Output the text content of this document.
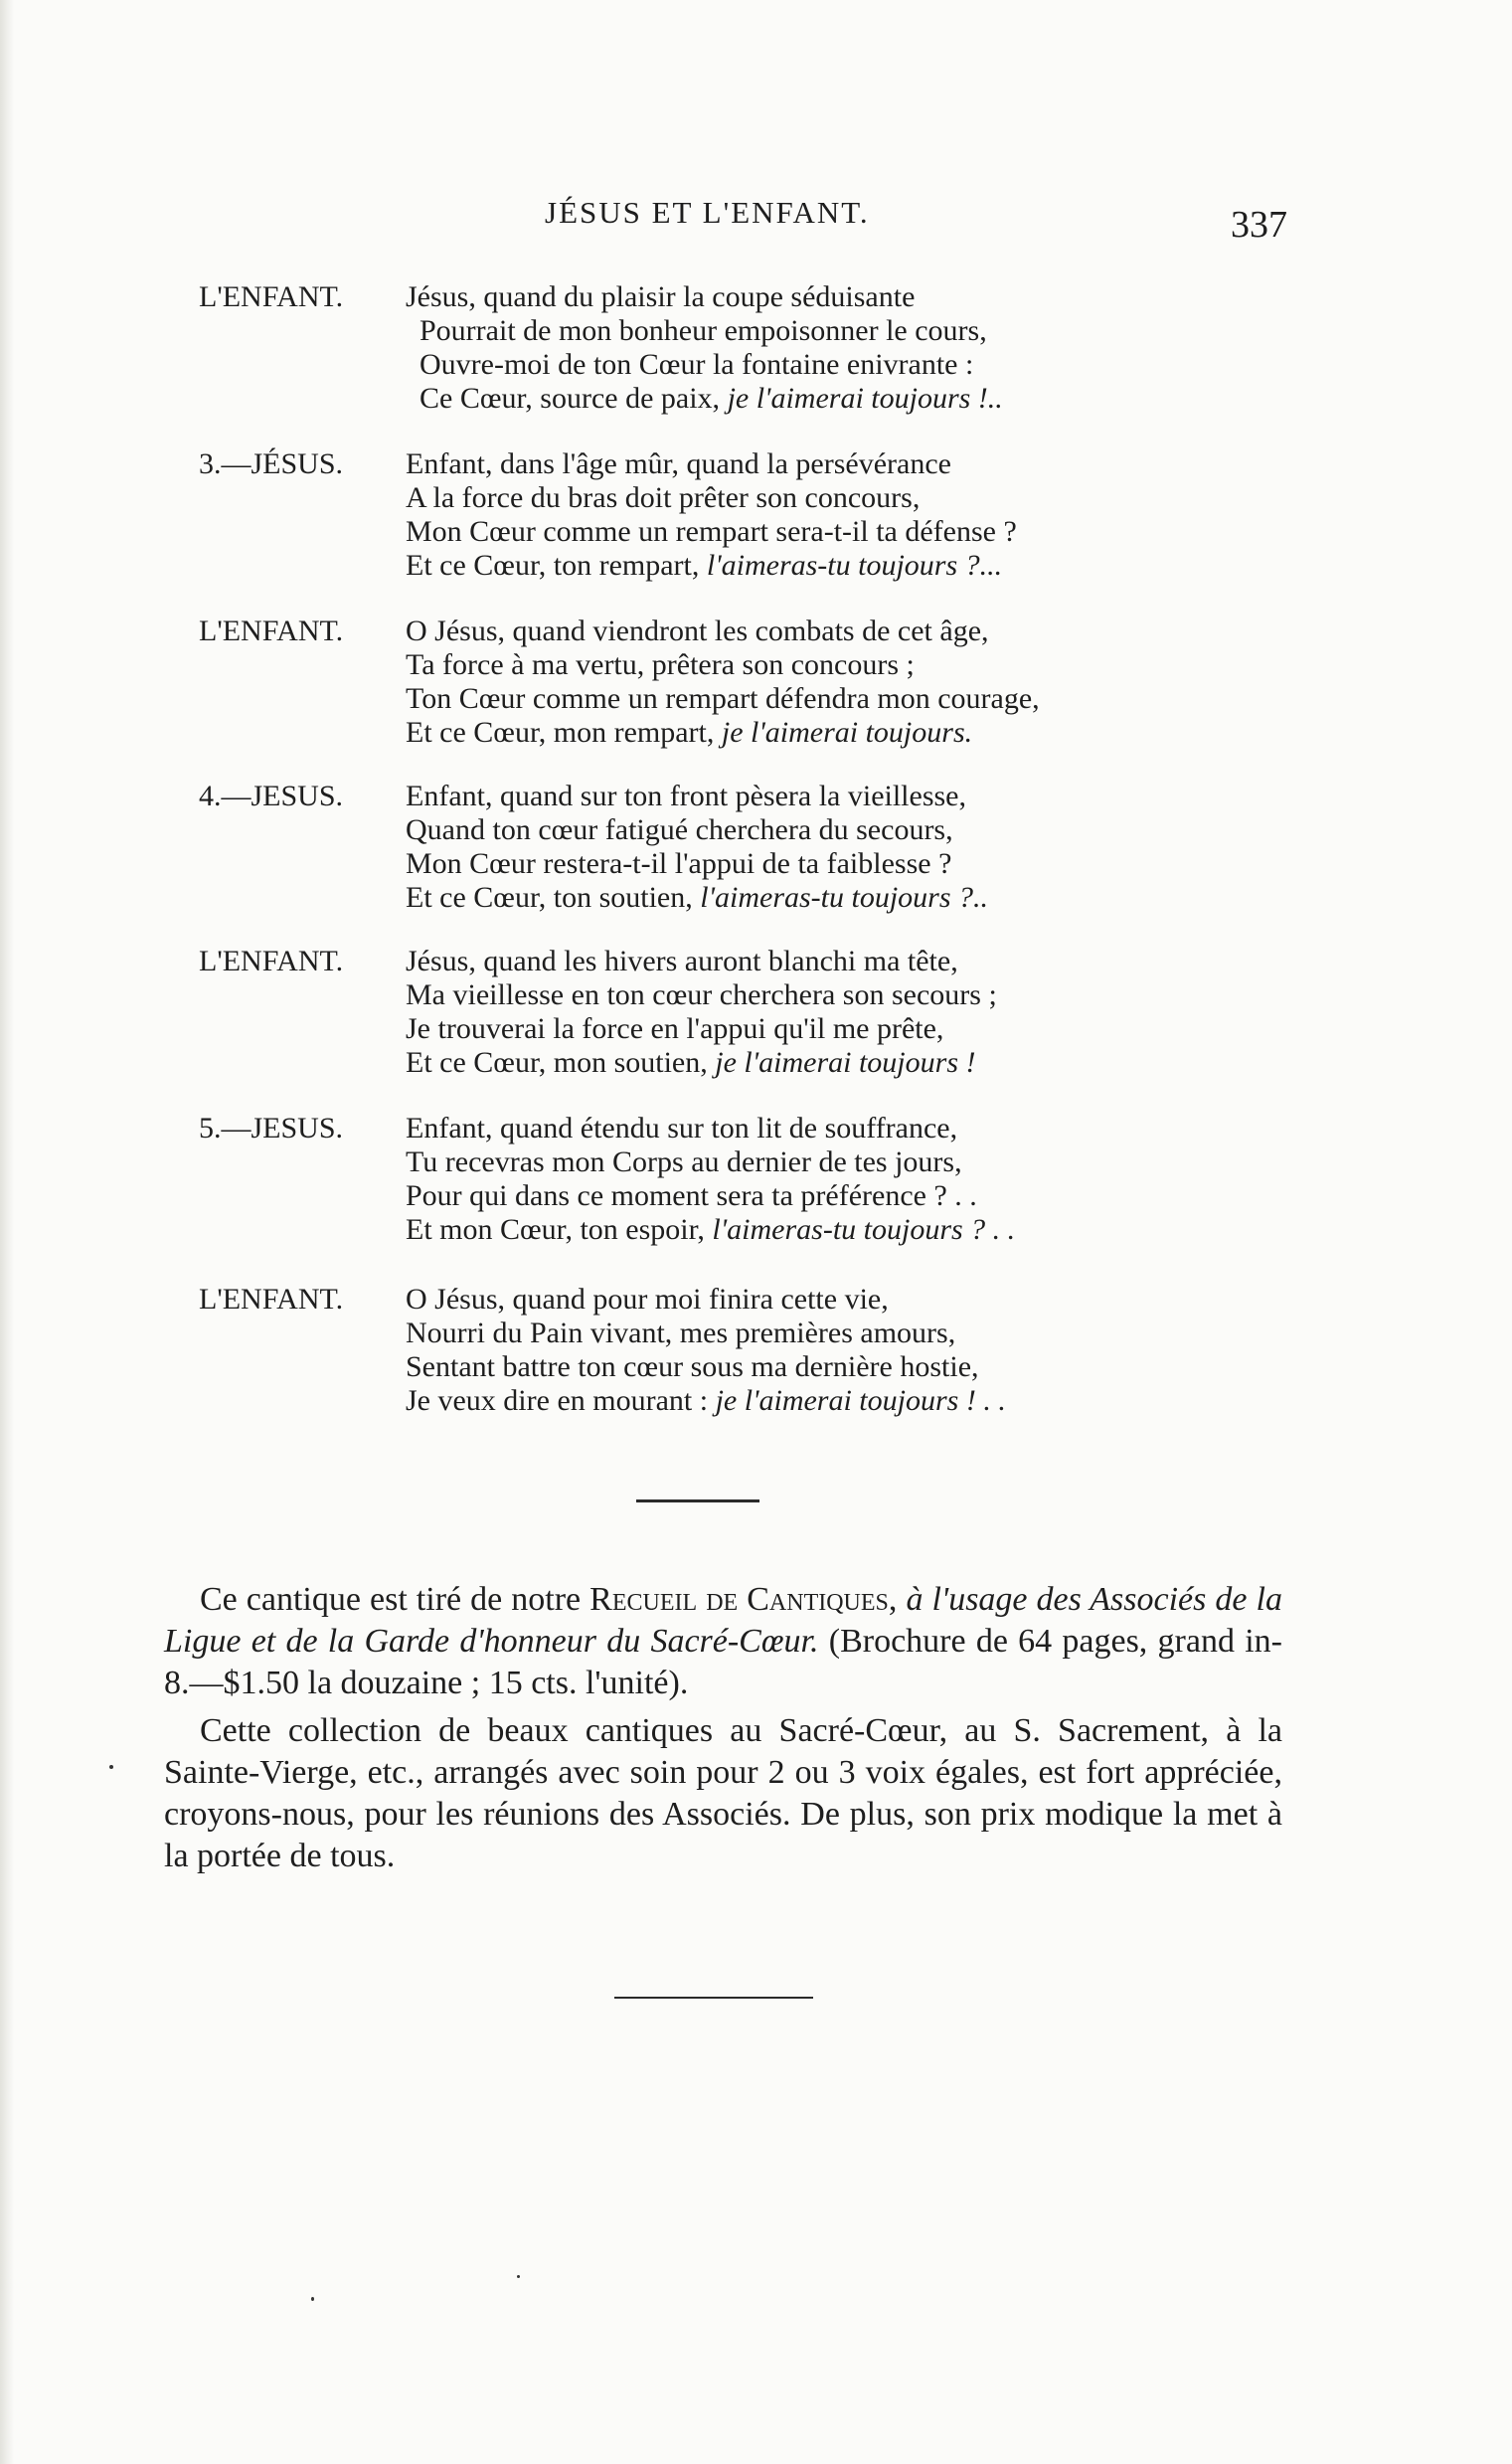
JÉSUS ET L'ENFANT.	337
L'ENFANT.	Jésus, quand du plaisir la coupe séduisante
Pourrait de mon bonheur empoisonner le cours,
Ouvre-moi de ton Cœur la fontaine enivrante :
Ce Cœur, source de paix, je l'aimerai toujours !..
3.—JÉSUS.	Enfant, dans l'âge mûr, quand la persévérance
A la force du bras doit prêter son concours,
Mon Cœur comme un rempart sera-t-il ta défense ?
Et ce Cœur, ton rempart, l'aimeras-tu toujours ?...
L'ENFANT.	O Jésus, quand viendront les combats de cet âge,
Ta force à ma vertu, prêtera son concours ;
Ton Cœur comme un rempart défendra mon courage,
Et ce Cœur, mon rempart, je l'aimerai toujours.
4.—JESUS.	Enfant, quand sur ton front pèsera la vieillesse,
Quand ton cœur fatigué cherchera du secours,
Mon Cœur restera-t-il l'appui de ta faiblesse ?
Et ce Cœur, ton soutien, l'aimeras-tu toujours ?..
L'ENFANT.	Jésus, quand les hivers auront blanchi ma tête,
Ma vieillesse en ton cœur cherchera son secours ;
Je trouverai la force en l'appui qu'il me prête,
Et ce Cœur, mon soutien, je l'aimerai toujours !
5.—JESUS.	Enfant, quand étendu sur ton lit de souffrance,
Tu recevras mon Corps au dernier de tes jours,
Pour qui dans ce moment sera ta préférence ? . .
Et mon Cœur, ton espoir, l'aimeras-tu toujours ? . .
L'ENFANT.	O Jésus, quand pour moi finira cette vie,
Nourri du Pain vivant, mes premières amours,
Sentant battre ton cœur sous ma dernière hostie,
Je veux dire en mourant : je l'aimerai toujours ! . .

Ce cantique est tiré de notre Recueil de Cantiques, à l'usage des Associés de la Ligue et de la Garde d'honneur du Sacré-Cœur. (Brochure de 64 pages, grand in-8.—$1.50 la douzaine ; 15 cts. l'unité).

Cette collection de beaux cantiques au Sacré-Cœur, au S. Sacrement, à la Sainte-Vierge, etc., arrangés avec soin pour 2 ou 3 voix égales, est fort appréciée, croyons-nous, pour les réunions des Associés. De plus, son prix modique la met à la portée de tous.
